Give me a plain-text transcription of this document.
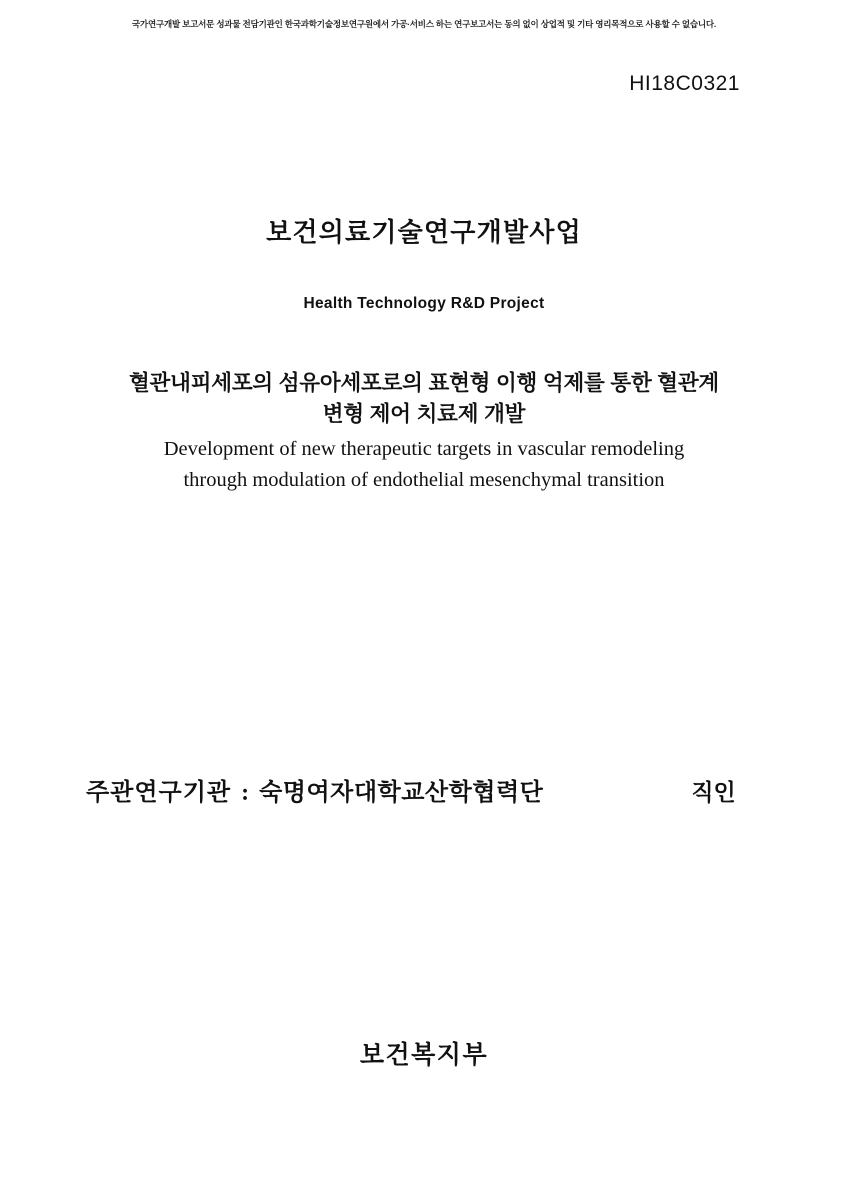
국가연구개발 보고서문 성과물 전담기관인 한국과학기술정보연구원에서 가공·서비스 하는 연구보고서는 동의 없이 상업적 및 기타 영리목적으로 사용할 수 없습니다.
HI18C0321
보건의료기술연구개발사업
Health Technology R&D Project
혈관내피세포의 섬유아세포로의 표현형 이행 억제를 통한 혈관계
변형 제어 치료제 개발
Development of new therapeutic targets in vascular remodeling
through modulation of endothelial mesenchymal transition
주관연구기관 : 숙명여자대학교산학협력단	직인
보건복지부
